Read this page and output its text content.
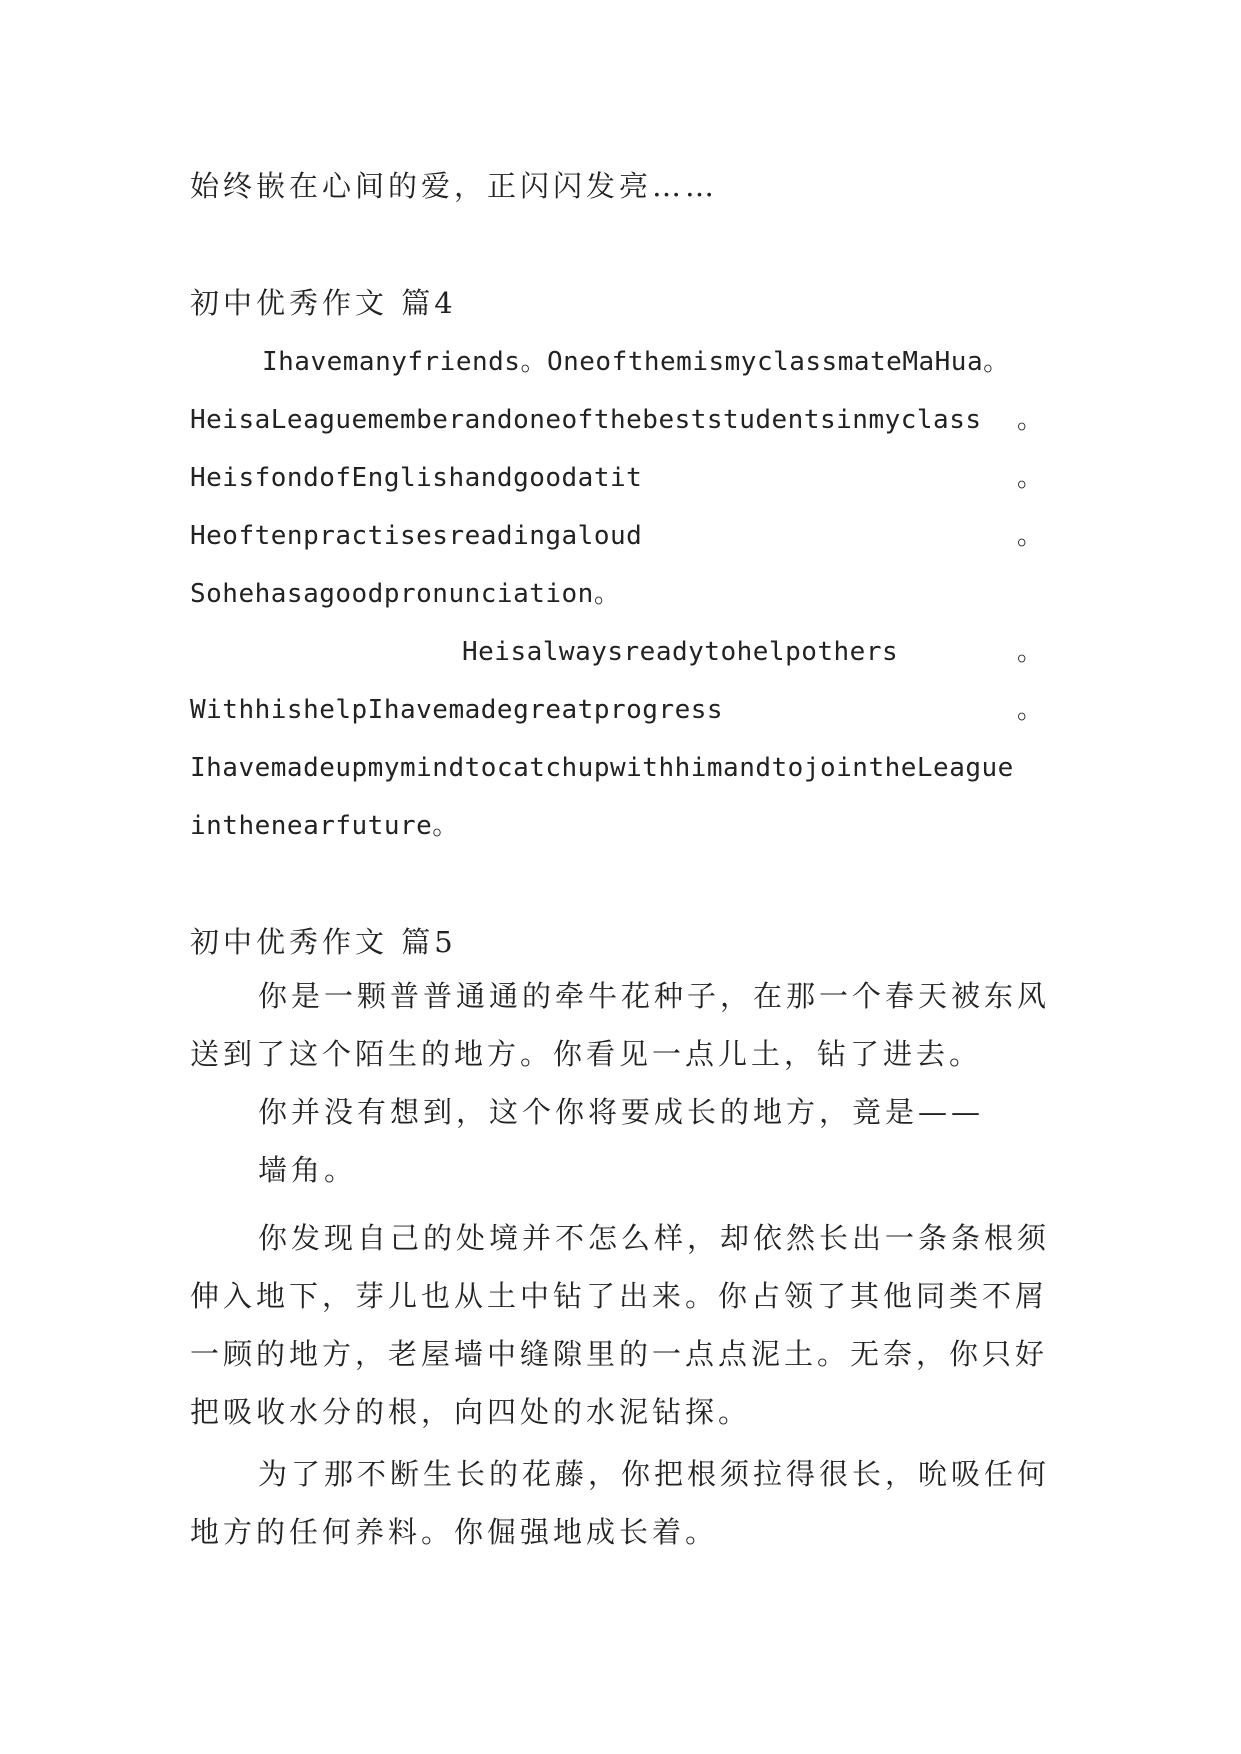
始终嵌在心间的爱，正闪闪发亮……
初中优秀作文 篇4
Ihavemanyfriends。OneofthemismyclassmateMaHua。
HeisaLeaguememberandoneofthebeststudentsinmyclass 。
HeisfondofEnglishandgoodatit	。
Heoftenpractisesreadingaloud	。
Sohehasagoodpronunciation。
Heisalwaysreadytohelpothers	。
WithhishelpIhavemadegreatprogress	。
IhavemadeupmymindtocatchupwithhimandtojointheLeague
inthenearfuture。
初中优秀作文 篇5
你是一颗普普通通的牵牛花种子，在那一个春天被东风
送到了这个陌生的地方。你看见一点儿土，钻了进去。
你并没有想到，这个你将要成长的地方，竟是——
墙角。
你发现自己的处境并不怎么样，却依然长出一条条根须
伸入地下，芽儿也从土中钻了出来。你占领了其他同类不屑
一顾的地方，老屋墙中缝隙里的一点点泥土。无奈，你只好
把吸收水分的根，向四处的水泥钻探。
为了那不断生长的花藤，你把根须拉得很长，吮吸任何
地方的任何养料。你倔强地成长着。
